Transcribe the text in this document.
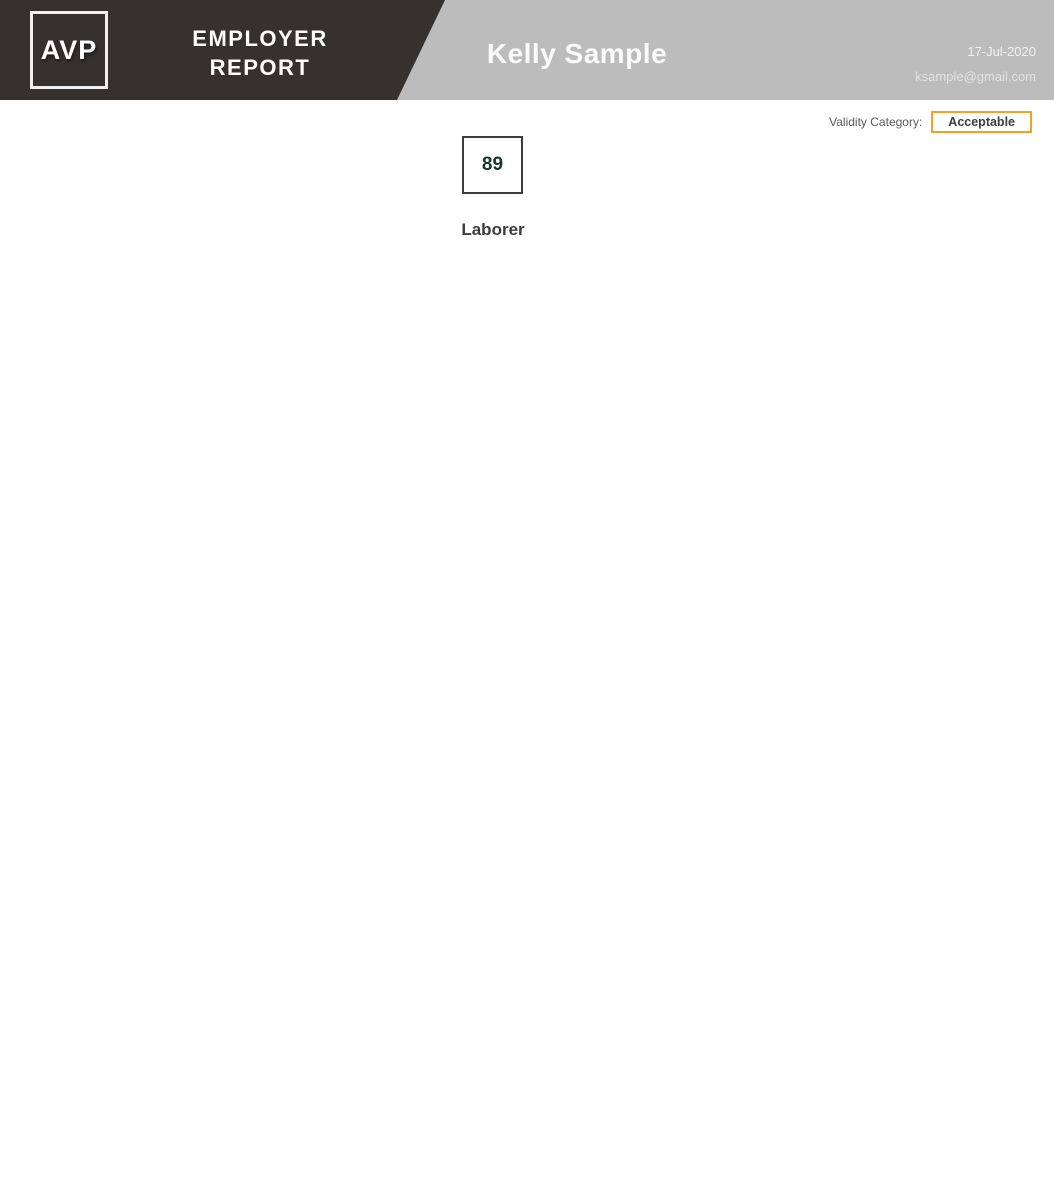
AVP	EMPLOYER
REPORT	Kelly Sample	17-Jul-2020
ksample@gmail.com
Validity Category:	Acceptable
89
Laborer
